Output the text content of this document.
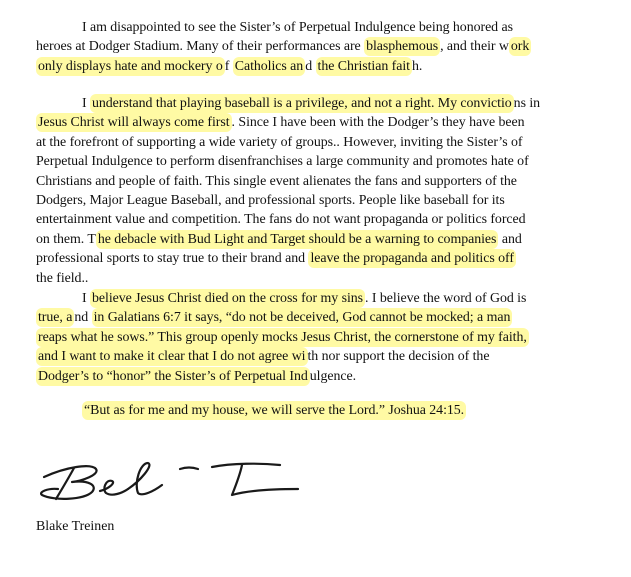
I am disappointed to see the Sister’s of Perpetual Indulgence being honored as
heroes at Dodger Stadium. Many of their performances are blasphemous , and their w ork
only displays hate and mockery o f Catholics an d the Christian fait h.

I understand that playing baseball is a privilege, and not a right. My convictio ns in
Jesus Christ will always come first . Since I have been with the Dodger’s they have been
at the forefront of supporting a wide variety of groups.. However, inviting the Sister’s of
Perpetual Indulgence to perform disenfranchises a large community and promotes hate of
Christians and people of faith. This single event alienates the fans and supporters of the
Dodgers, Major League Baseball, and professional sports. People like baseball for its
entertainment value and competition. The fans do not want propaganda or politics forced
on them. T he debacle with Bud Light and Target should be a warning to companies and
professional sports to stay true to their brand and leave the propaganda and politics off
the field..

I believe Jesus Christ died on the cross for my sins . I believe the word of God is
true, a nd in Galatians 6:7 it says, “do not be deceived, God cannot be mocked; a man
reaps what he sows.” This group openly mocks Jesus Christ, the cornerstone of my faith,
and I want to make it clear that I do not agree wi th nor support the decision of the
Dodger’s to “honor” the Sister’s of Perpetual Ind ulgence.

“But as for me and my house, we will serve the Lord.” Joshua 24:15.

Blake Treinen
